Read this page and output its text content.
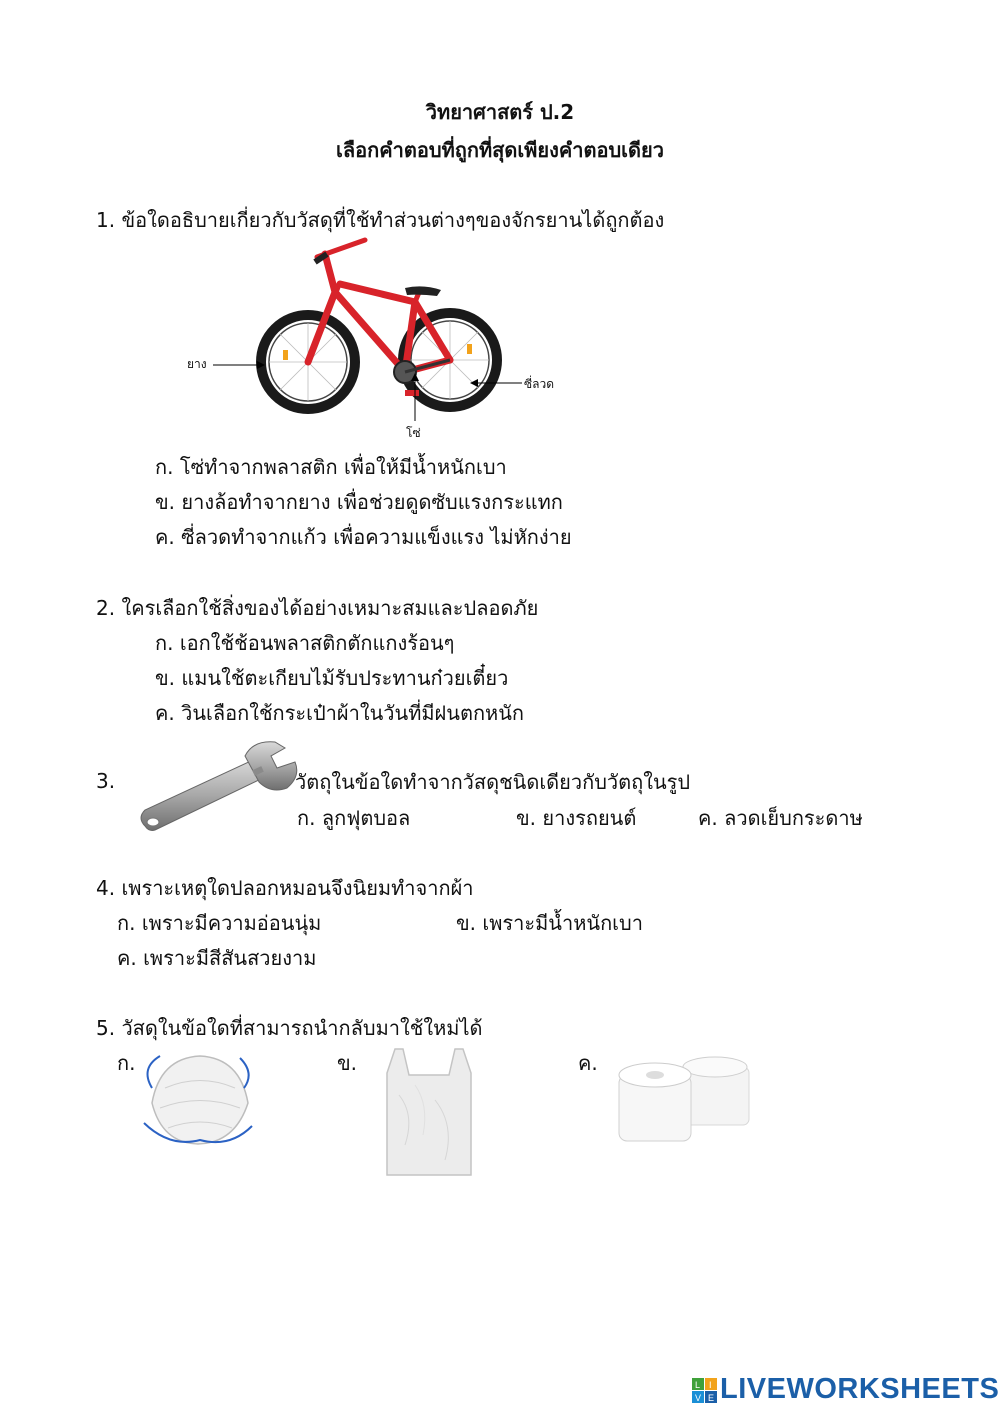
วิทยาศาสตร์ ป.2
เลือกคำตอบที่ถูกที่สุดเพียงคำตอบเดียว
1. ข้อใดอธิบายเกี่ยวกับวัสดุที่ใช้ทำส่วนต่างๆของจักรยานได้ถูกต้อง
ยาง
ซี่ลวด
โซ่
ก. โซ่ทำจากพลาสติก เพื่อให้มีน้ำหนักเบา
ข. ยางล้อทำจากยาง เพื่อช่วยดูดซับแรงกระแทก
ค. ซี่ลวดทำจากแก้ว เพื่อความแข็งแรง ไม่หักง่าย
2. ใครเลือกใช้สิ่งของได้อย่างเหมาะสมและปลอดภัย
ก. เอกใช้ช้อนพลาสติกตักแกงร้อนๆ
ข. แมนใช้ตะเกียบไม้รับประทานก๋วยเตี๋ยว
ค. วินเลือกใช้กระเป๋าผ้าในวันที่มีฝนตกหนัก
3.	วัตถุในข้อใดทำจากวัสดุชนิดเดียวกับวัตถุในรูป
ก. ลูกฟุตบอล	ข. ยางรถยนต์	ค. ลวดเย็บกระดาษ
4. เพราะเหตุใดปลอกหมอนจึงนิยมทำจากผ้า
ก. เพราะมีความอ่อนนุ่ม	ข. เพราะมีน้ำหนักเบา
ค. เพราะมีสีสันสวยงาม
5. วัสดุในข้อใดที่สามารถนำกลับมาใช้ใหม่ได้
ก.	ข.	ค.
L I
V E LIVEWORKSHEETS
